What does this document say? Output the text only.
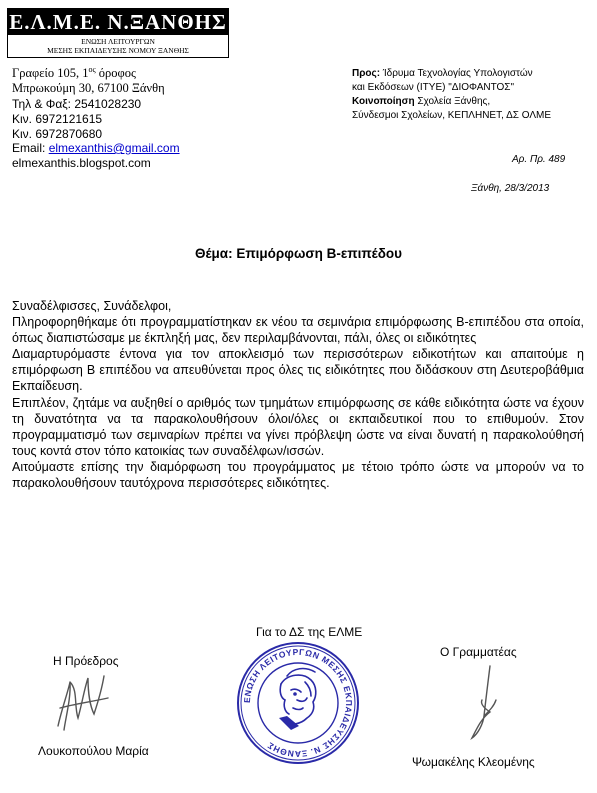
Ε.Λ.Μ.Ε. Ν.ΞΑΝΘΗΣ
ΕΝΩΣΗ ΛΕΙΤΟΥΡΓΩΝ
ΜΕΣΗΣ ΕΚΠΑΙΔΕΥΣΗΣ ΝΟΜΟΥ ΞΑΝΘΗΣ
Γραφείο 105, $1^{o\varsigma}$ όροφος
Μπρωκούμη 30, 67100 Ξάνθη
Τηλ & Φαξ: 2541028230
Κιν. 6972121615
Κιν. 6972870680
Email: elmexanthis@gmail.com
elmexanthis.blogspot.com
Προς: Ίδρυμα Τεχνολογίας Υπολογιστών
και Εκδόσεων (ΙΤΥΕ) "ΔΙΟΦΑΝΤΟΣ"
Κοινοποίηση Σχολεία Ξάνθης,
Σύνδεσμοι Σχολείων, ΚΕΠΛΗΝΕΤ, ΔΣ ΟΛΜΕ
Αρ. Πρ. 489
Ξάνθη, 28/3/2013
Θέμα: Επιμόρφωση Β-επιπέδου

Συναδέλφισσες, Συνάδελφοι,

Πληροφορηθήκαμε ότι προγραμματίστηκαν εκ νέου τα σεμινάρια επιμόρφωσης Β-επιπέδου στα οποία, όπως διαπιστώσαμε με έκπληξή μας, δεν περιλαμβάνονται, πάλι, όλες οι ειδικότητες

Διαμαρτυρόμαστε έντονα για τον αποκλεισμό των περισσότερων ειδικοτήτων και απαιτούμε η επιμόρφωση Β επιπέδου να απευθύνεται προς όλες τις ειδικότητες που διδάσκουν στη Δευτεροβάθμια Εκπαίδευση.

Επιπλέον, ζητάμε να αυξηθεί ο αριθμός των τμημάτων επιμόρφωσης σε κάθε ειδικότητα ώστε να έχουν τη δυνατότητα να τα παρακολουθήσουν όλοι/όλες οι εκπαιδευτικοί που το επιθυμούν. Στον προγραμματισμό των σεμιναρίων πρέπει να γίνει πρόβλεψη ώστε να είναι δυνατή η παρακολούθησή τους κοντά στον τόπο κατοικίας των συναδέλφων/ισσών.

Αιτούμαστε επίσης την διαμόρφωση του προγράμματος με τέτοιο τρόπο ώστε να μπορούν να το παρακολουθήσουν ταυτόχρονα περισσότερες ειδικότητες.

Για το ΔΣ της ΕΛΜΕ
Η Πρόεδρος
Ο Γραμματέας
Λουκοπούλου Μαρία
Ψωμακέλης Κλεομένης
ΕΝΩΣΗ ΛΕΙΤΟΥΡΓΩΝ ΜΕΣΗΣ ΕΚΠΑΙΔΕΥΣΗΣ Ν. ΞΑΝΘΗΣ
